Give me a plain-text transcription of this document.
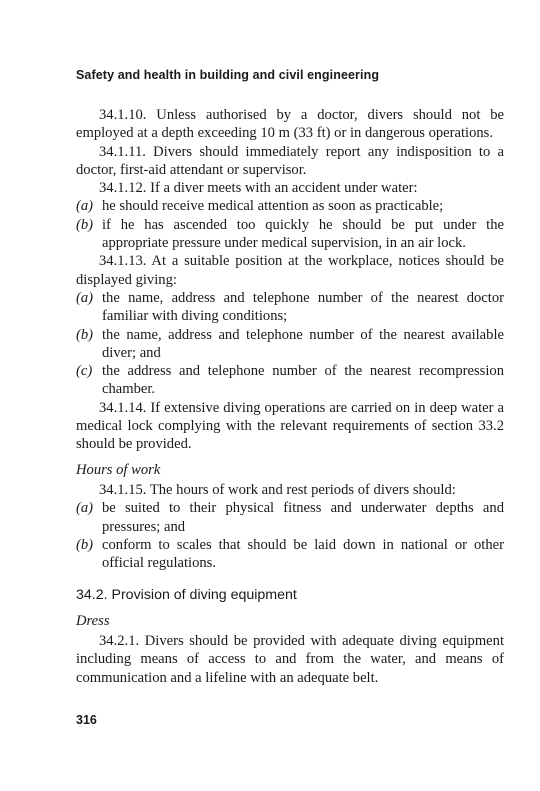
Safety and health in building and civil engineering

34.1.10. Unless authorised by a doctor, divers should not be employed at a depth exceeding 10 m (33 ft) or in dangerous operations.

34.1.11. Divers should immediately report any indisposition to a doctor, first-aid attendant or supervisor.

34.1.12. If a diver meets with an accident under water:

(a) he should receive medical attention as soon as practicable;
(b) if he has ascended too quickly he should be put under the appropriate pressure under medical supervision, in an air lock.

34.1.13. At a suitable position at the workplace, notices should be displayed giving:

(a) the name, address and telephone number of the nearest doctor familiar with diving conditions;
(b) the name, address and telephone number of the nearest available diver; and
(c) the address and telephone number of the nearest recompression chamber.

34.1.14. If extensive diving operations are carried on in deep water a medical lock complying with the relevant requirements of section 33.2 should be provided.

Hours of work

34.1.15. The hours of work and rest periods of divers should:

(a) be suited to their physical fitness and underwater depths and pressures; and
(b) conform to scales that should be laid down in national or other official regulations.
34.2. Provision of diving equipment
Dress

34.2.1. Divers should be provided with adequate diving equipment including means of access to and from the water, and means of communication and a lifeline with an adequate belt.

316
